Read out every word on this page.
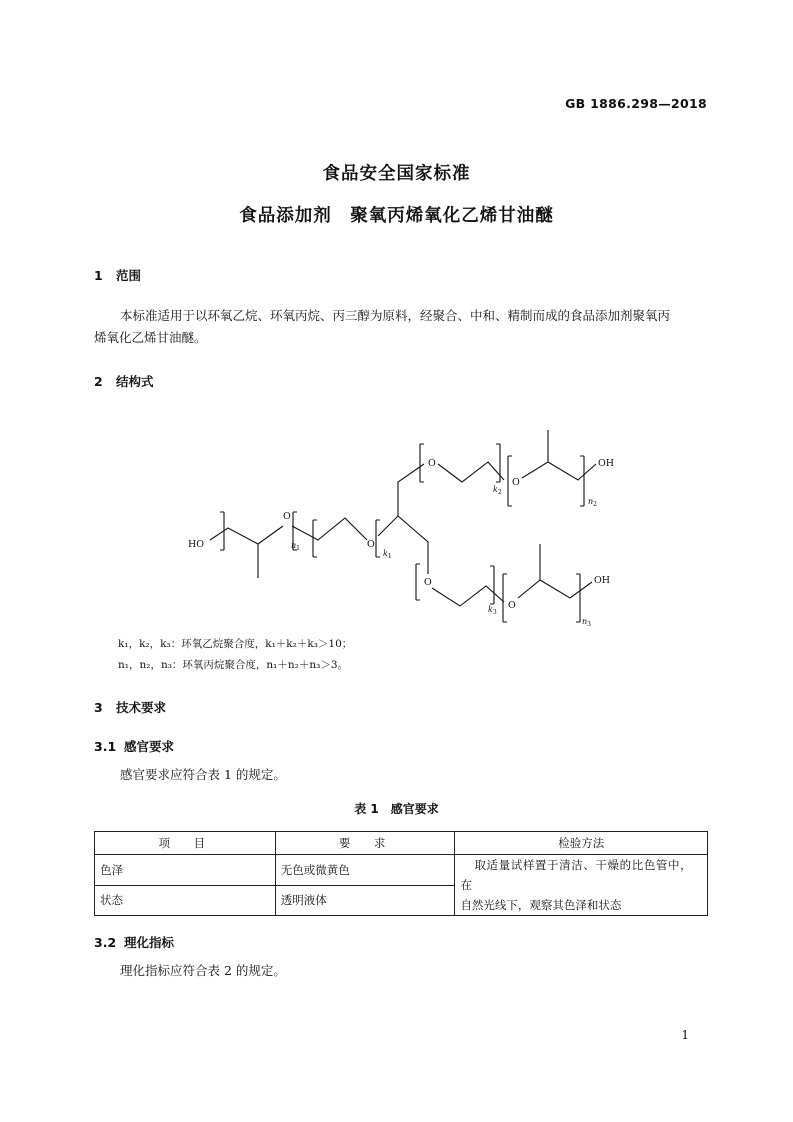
GB 1886.298—2018
食品安全国家标准
食品添加剂　聚氧丙烯氧化乙烯甘油醚
1 范围
本标准适用于以环氧乙烷、环氧丙烷、丙三醇为原料，经聚合、中和、精制而成的食品添加剂聚氧丙
烯氧化乙烯甘油醚。
2 结构式
HO
O
O
O
O
O
O
OH
OH
$n_1$
$k_1$
$k_2$
$n_2$
$k_3$
$n_3$
k₁，k₂，k₃：环氧乙烷聚合度，k₁＋k₂＋k₃＞10；
n₁，n₂，n₃：环氧丙烷聚合度，n₁＋n₂＋n₃＞3。
3 技术要求
3.1 感官要求
感官要求应符合表 1 的规定。
表 1　感官要求
项　目	要　求	检验方法
色泽	无色或微黄色	取适量试样置于清洁、干燥的比色管中，在
自然光线下，观察其色泽和状态

状态	透明液体	
3.2 理化指标
理化指标应符合表 2 的规定。
1
